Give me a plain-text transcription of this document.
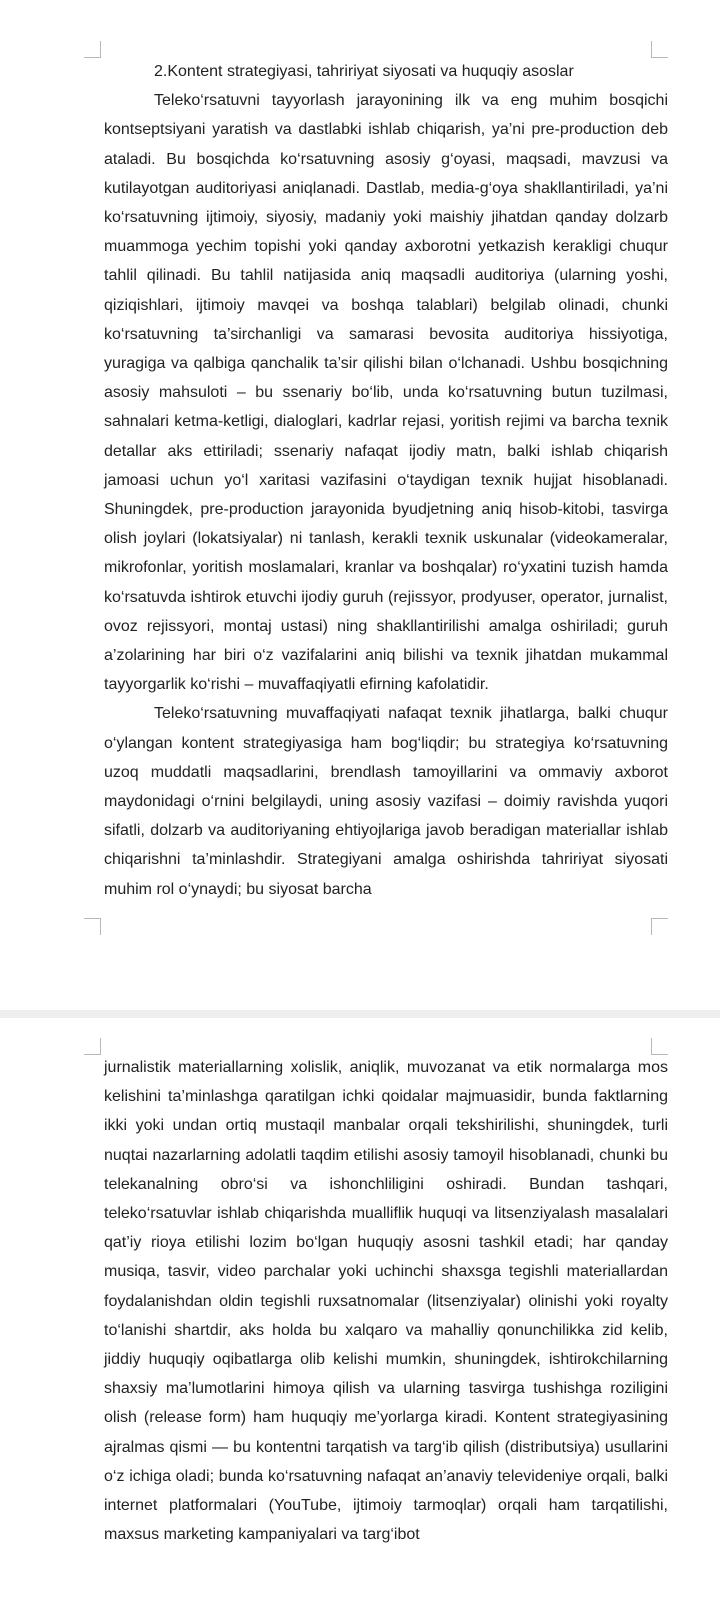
2.Kontent strategiyasi, tahririyat siyosati va huquqiy asoslar

Teleko‘rsatuvni tayyorlash jarayonining ilk va eng muhim bosqichi kontseptsiyani yaratish va dastlabki ishlab chiqarish, ya’ni pre-production deb ataladi. Bu bosqichda ko‘rsatuvning asosiy g‘oyasi, maqsadi, mavzusi va kutilayotgan auditoriyasi aniqlanadi. Dastlab, media-g‘oya shakllantiriladi, ya’ni ko‘rsatuvning ijtimoiy, siyosiy, madaniy yoki maishiy jihatdan qanday dolzarb muammoga yechim topishi yoki qanday axborotni yetkazish kerakligi chuqur tahlil qilinadi. Bu tahlil natijasida aniq maqsadli auditoriya (ularning yoshi, qiziqishlari, ijtimoiy mavqei va boshqa talablari) belgilab olinadi, chunki ko‘rsatuvning ta’sirchanligi va samarasi bevosita auditoriya hissiyotiga, yuragiga va qalbiga qanchalik ta’sir qilishi bilan o‘lchanadi. Ushbu bosqichning asosiy mahsuloti – bu ssenariy bo‘lib, unda ko‘rsatuvning butun tuzilmasi, sahnalari ketma-ketligi, dialoglari, kadrlar rejasi, yoritish rejimi va barcha texnik detallar aks ettiriladi; ssenariy nafaqat ijodiy matn, balki ishlab chiqarish jamoasi uchun yo‘l xaritasi vazifasini o‘taydigan texnik hujjat hisoblanadi. Shuningdek, pre-production jarayonida byudjetning aniq hisob-kitobi, tasvirga olish joylari (lokatsiyalar) ni tanlash, kerakli texnik uskunalar (videokameralar, mikrofonlar, yoritish moslamalari, kranlar va boshqalar) ro‘yxatini tuzish hamda ko‘rsatuvda ishtirok etuvchi ijodiy guruh (rejissyor, prodyuser, operator, jurnalist, ovoz rejissyori, montaj ustasi) ning shakllantirilishi amalga oshiriladi; guruh a’zolarining har biri o‘z vazifalarini aniq bilishi va texnik jihatdan mukammal tayyorgarlik ko‘rishi – muvaffaqiyatli efirning kafolatidir.

Teleko‘rsatuvning muvaffaqiyati nafaqat texnik jihatlarga, balki chuqur o‘ylangan kontent strategiyasiga ham bog‘liqdir; bu strategiya ko‘rsatuvning uzoq muddatli maqsadlarini, brendlash tamoyillarini va ommaviy axborot maydonidagi o‘rnini belgilaydi, uning asosiy vazifasi – doimiy ravishda yuqori sifatli, dolzarb va auditoriyaning ehtiyojlariga javob beradigan materiallar ishlab chiqarishni ta’minlashdir. Strategiyani amalga oshirishda tahririyat siyosati muhim rol o‘ynaydi; bu siyosat barcha

jurnalistik materiallarning xolislik, aniqlik, muvozanat va etik normalarga mos kelishini ta’minlashga qaratilgan ichki qoidalar majmuasidir, bunda faktlarning ikki yoki undan ortiq mustaqil manbalar orqali tekshirilishi, shuningdek, turli nuqtai nazarlarning adolatli taqdim etilishi asosiy tamoyil hisoblanadi, chunki bu telekanalning obro‘si va ishonchliligini oshiradi. Bundan tashqari, teleko‘rsatuvlar ishlab chiqarishda mualliflik huquqi va litsenziyalash masalalari qat’iy rioya etilishi lozim bo‘lgan huquqiy asosni tashkil etadi; har qanday musiqa, tasvir, video parchalar yoki uchinchi shaxsga tegishli materiallardan foydalanishdan oldin tegishli ruxsatnomalar (litsenziyalar) olinishi yoki royalty to‘lanishi shartdir, aks holda bu xalqaro va mahalliy qonunchilikka zid kelib, jiddiy huquqiy oqibatlarga olib kelishi mumkin, shuningdek, ishtirokchilarning shaxsiy ma’lumotlarini himoya qilish va ularning tasvirga tushishga roziligini olish (release form) ham huquqiy me’yorlarga kiradi. Kontent strategiyasining ajralmas qismi — bu kontentni tarqatish va targ‘ib qilish (distributsiya) usullarini o‘z ichiga oladi; bunda ko‘rsatuvning nafaqat an’anaviy televideniye orqali, balki internet platformalari (YouTube, ijtimoiy tarmoqlar) orqali ham tarqatilishi, maxsus marketing kampaniyalari va targ‘ibot
